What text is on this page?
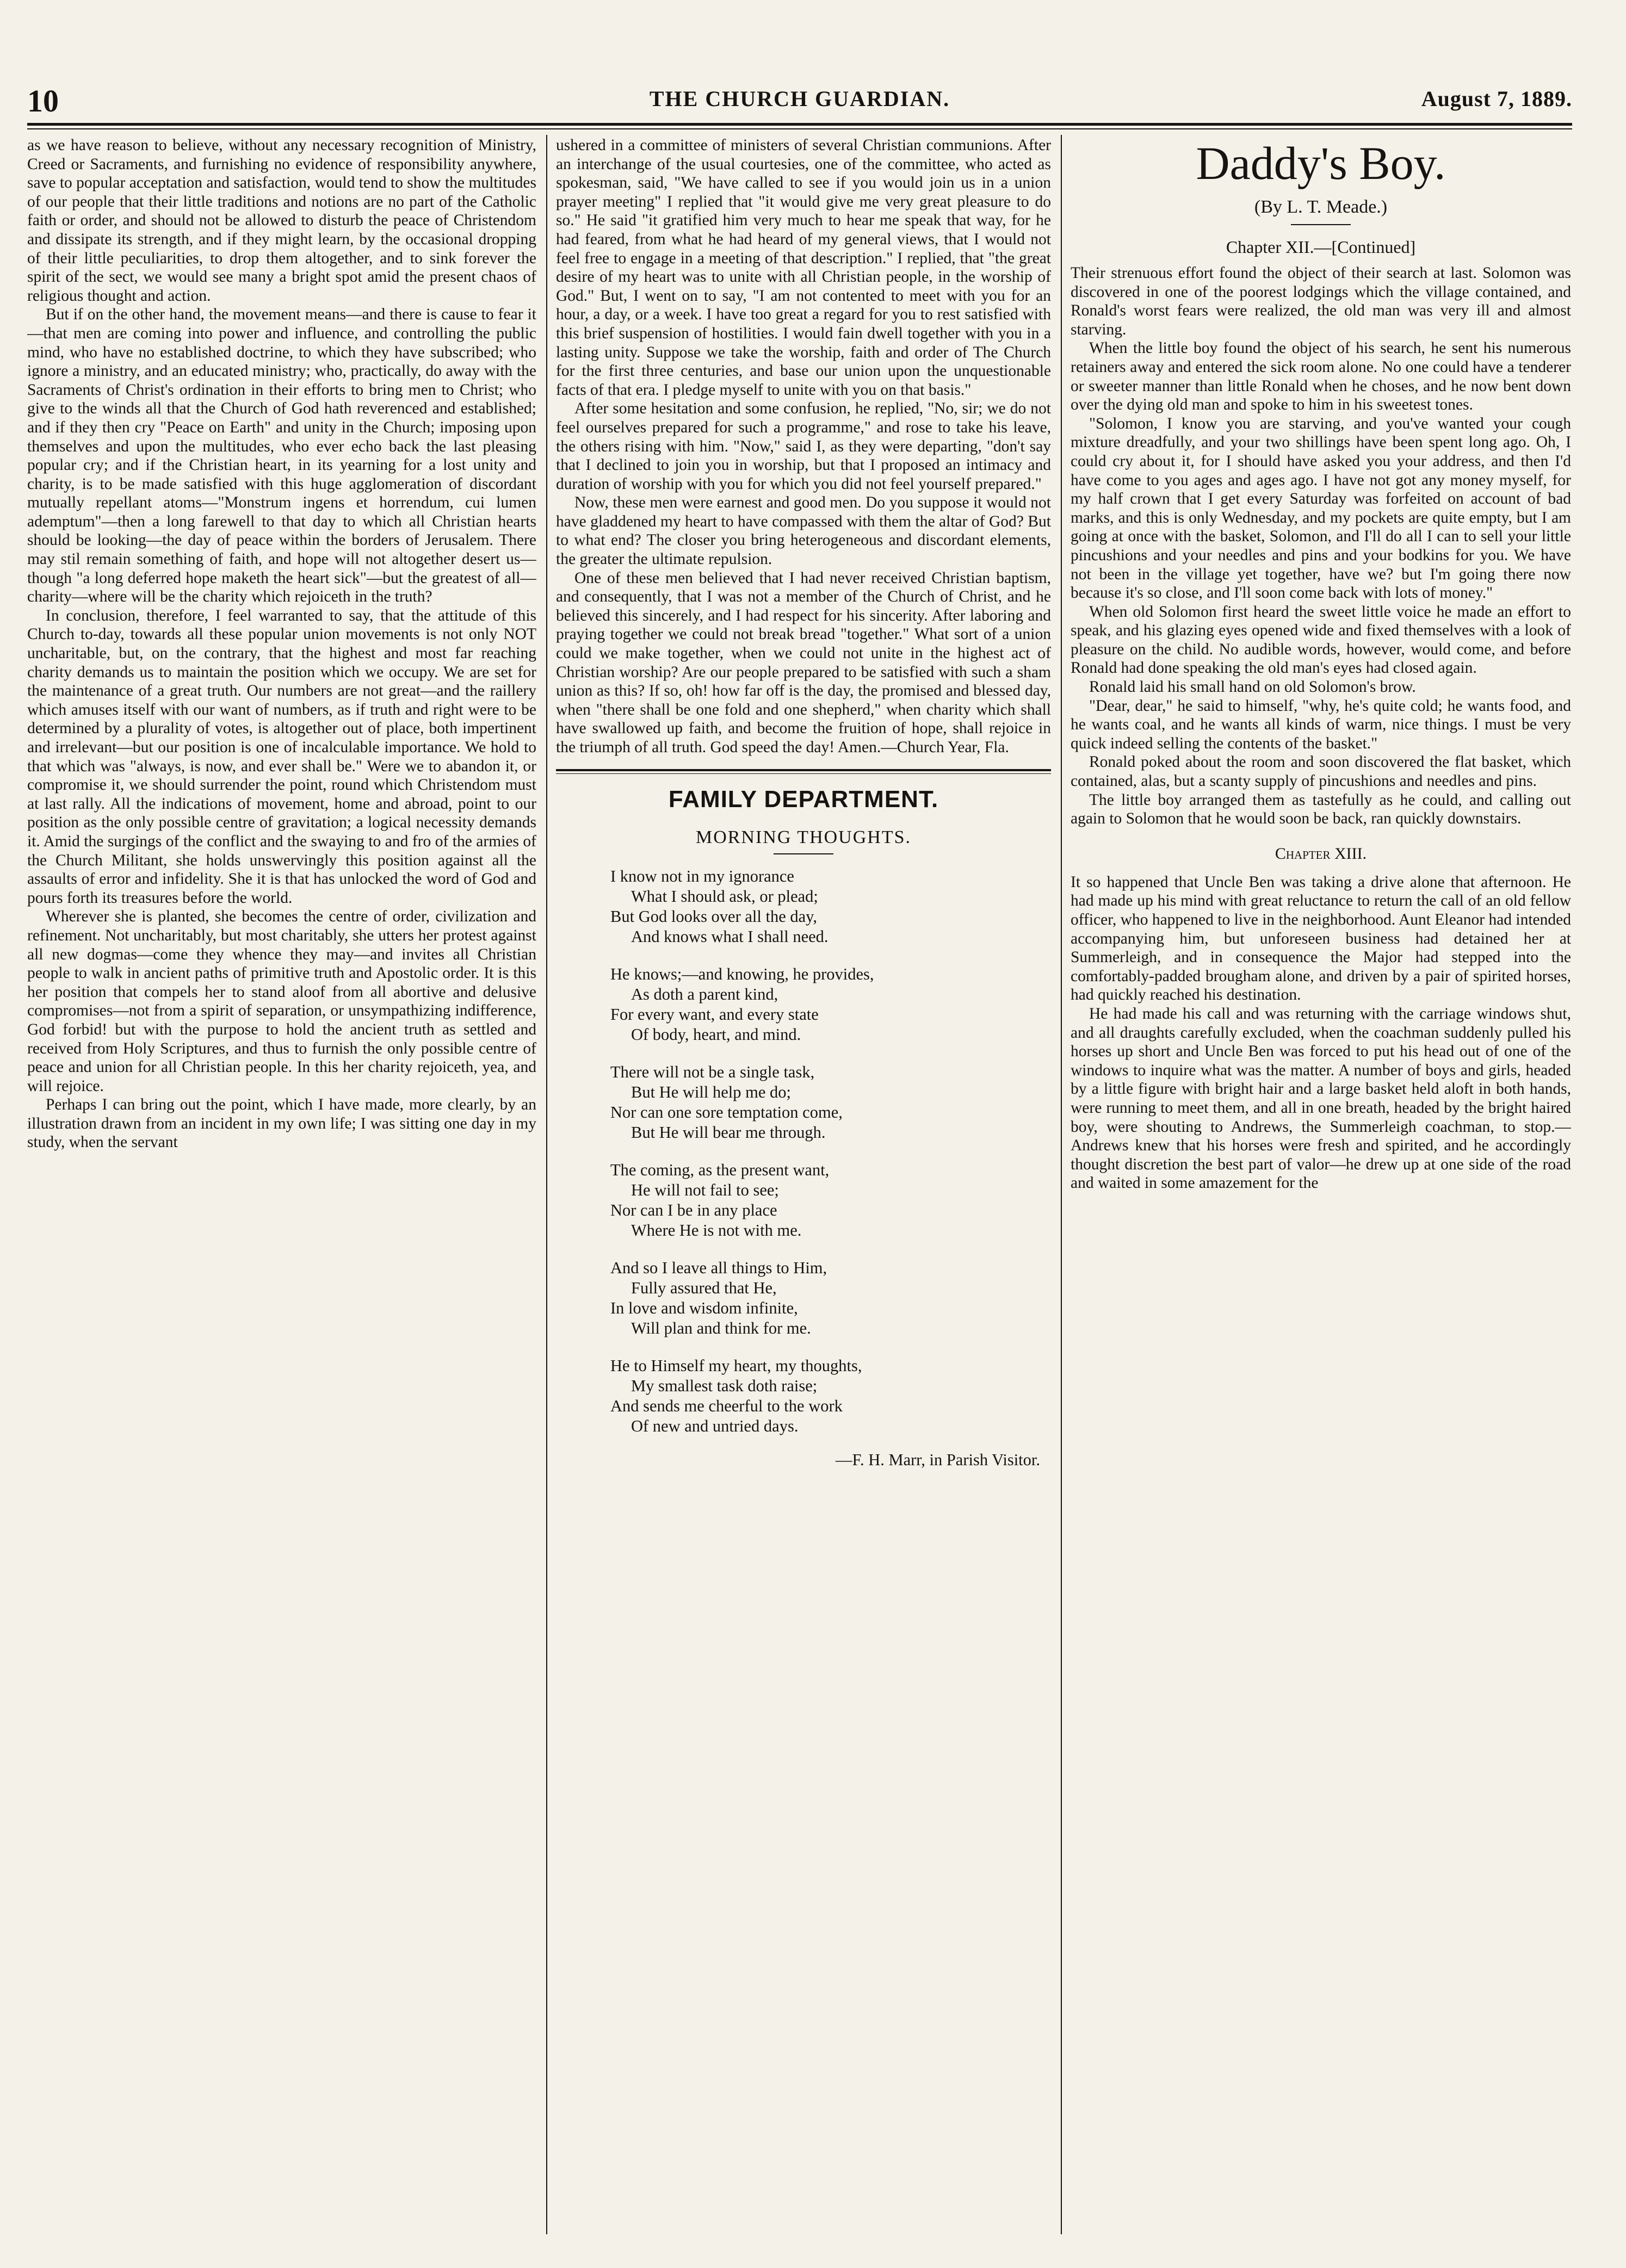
10	THE CHURCH GUARDIAN.	August 7, 1889.

as we have reason to believe, without any necessary recognition of Ministry, Creed or Sacraments, and furnishing no evidence of responsibility anywhere, save to popular acceptation and satisfaction, would tend to show the multitudes of our people that their little traditions and notions are no part of the Catholic faith or order, and should not be allowed to disturb the peace of Christendom and dissipate its strength, and if they might learn, by the occasional dropping of their little peculiarities, to drop them altogether, and to sink forever the spirit of the sect, we would see many a bright spot amid the present chaos of religious thought and action.

But if on the other hand, the movement means—and there is cause to fear it—that men are coming into power and influence, and controlling the public mind, who have no established doctrine, to which they have subscribed; who ignore a ministry, and an educated ministry; who, practically, do away with the Sacraments of Christ's ordination in their efforts to bring men to Christ; who give to the winds all that the Church of God hath reverenced and established; and if they then cry "Peace on Earth" and unity in the Church; imposing upon themselves and upon the multitudes, who ever echo back the last pleasing popular cry; and if the Christian heart, in its yearning for a lost unity and charity, is to be made satisfied with this huge agglomeration of discordant mutually repellant atoms—"Monstrum ingens et horrendum, cui lumen ademptum"—then a long farewell to that day to which all Christian hearts should be looking—the day of peace within the borders of Jerusalem. There may stil remain something of faith, and hope will not altogether desert us—though "a long deferred hope maketh the heart sick"—but the greatest of all—charity—where will be the charity which rejoiceth in the truth?

In conclusion, therefore, I feel warranted to say, that the attitude of this Church to-day, towards all these popular union movements is not only NOT uncharitable, but, on the contrary, that the highest and most far reaching charity demands us to maintain the position which we occupy. We are set for the maintenance of a great truth. Our numbers are not great—and the raillery which amuses itself with our want of numbers, as if truth and right were to be determined by a plurality of votes, is altogether out of place, both impertinent and irrelevant—but our position is one of incalculable importance. We hold to that which was "always, is now, and ever shall be." Were we to abandon it, or compromise it, we should surrender the point, round which Christendom must at last rally. All the indications of movement, home and abroad, point to our position as the only possible centre of gravitation; a logical necessity demands it. Amid the surgings of the conflict and the swaying to and fro of the armies of the Church Militant, she holds unswervingly this position against all the assaults of error and infidelity. She it is that has unlocked the word of God and pours forth its treasures before the world.

Wherever she is planted, she becomes the centre of order, civilization and refinement. Not uncharitably, but most charitably, she utters her protest against all new dogmas—come they whence they may—and invites all Christian people to walk in ancient paths of primitive truth and Apostolic order. It is this her position that compels her to stand aloof from all abortive and delusive compromises—not from a spirit of separation, or unsympathizing indifference, God forbid! but with the purpose to hold the ancient truth as settled and received from Holy Scriptures, and thus to furnish the only possible centre of peace and union for all Christian people. In this her charity rejoiceth, yea, and will rejoice.

Perhaps I can bring out the point, which I have made, more clearly, by an illustration drawn from an incident in my own life; I was sitting one day in my study, when the servant

ushered in a committee of ministers of several Christian communions. After an interchange of the usual courtesies, one of the committee, who acted as spokesman, said, "We have called to see if you would join us in a union prayer meeting" I replied that "it would give me very great pleasure to do so." He said "it gratified him very much to hear me speak that way, for he had feared, from what he had heard of my general views, that I would not feel free to engage in a meeting of that description." I replied, that "the great desire of my heart was to unite with all Christian people, in the worship of God." But, I went on to say, "I am not contented to meet with you for an hour, a day, or a week. I have too great a regard for you to rest satisfied with this brief suspension of hostilities. I would fain dwell together with you in a lasting unity. Suppose we take the worship, faith and order of The Church for the first three centuries, and base our union upon the unquestionable facts of that era. I pledge myself to unite with you on that basis."

After some hesitation and some confusion, he replied, "No, sir; we do not feel ourselves prepared for such a programme," and rose to take his leave, the others rising with him. "Now," said I, as they were departing, "don't say that I declined to join you in worship, but that I proposed an intimacy and duration of worship with you for which you did not feel yourself prepared."

Now, these men were earnest and good men. Do you suppose it would not have gladdened my heart to have compassed with them the altar of God? But to what end? The closer you bring heterogeneous and discordant elements, the greater the ultimate repulsion.

One of these men believed that I had never received Christian baptism, and consequently, that I was not a member of the Church of Christ, and he believed this sincerely, and I had respect for his sincerity. After laboring and praying together we could not break bread "together." What sort of a union could we make together, when we could not unite in the highest act of Christian worship? Are our people prepared to be satisfied with such a sham union as this? If so, oh! how far off is the day, the promised and blessed day, when "there shall be one fold and one shepherd," when charity which shall have swallowed up faith, and become the fruition of hope, shall rejoice in the triumph of all truth. God speed the day! Amen.—Church Year, Fla.

FAMILY DEPARTMENT.
MORNING THOUGHTS.
I know not in my ignorance
What I should ask, or plead;
But God looks over all the day,
And knows what I shall need.
He knows;—and knowing, he provides,
As doth a parent kind,
For every want, and every state
Of body, heart, and mind.
There will not be a single task,
But He will help me do;
Nor can one sore temptation come,
But He will bear me through.
The coming, as the present want,
He will not fail to see;
Nor can I be in any place
Where He is not with me.
And so I leave all things to Him,
Fully assured that He,
In love and wisdom infinite,
Will plan and think for me.
He to Himself my heart, my thoughts,
My smallest task doth raise;
And sends me cheerful to the work
Of new and untried days.
—F. H. Marr, in Parish Visitor.
Daddy's Boy.
(By L. T. Meade.)
Chapter XII.—[Continued]

Their strenuous effort found the object of their search at last. Solomon was discovered in one of the poorest lodgings which the village contained, and Ronald's worst fears were realized, the old man was very ill and almost starving.

When the little boy found the object of his search, he sent his numerous retainers away and entered the sick room alone. No one could have a tenderer or sweeter manner than little Ronald when he choses, and he now bent down over the dying old man and spoke to him in his sweetest tones.

"Solomon, I know you are starving, and you've wanted your cough mixture dreadfully, and your two shillings have been spent long ago. Oh, I could cry about it, for I should have asked you your address, and then I'd have come to you ages and ages ago. I have not got any money myself, for my half crown that I get every Saturday was forfeited on account of bad marks, and this is only Wednesday, and my pockets are quite empty, but I am going at once with the basket, Solomon, and I'll do all I can to sell your little pincushions and your needles and pins and your bodkins for you. We have not been in the village yet together, have we? but I'm going there now because it's so close, and I'll soon come back with lots of money."

When old Solomon first heard the sweet little voice he made an effort to speak, and his glazing eyes opened wide and fixed themselves with a look of pleasure on the child. No audible words, however, would come, and before Ronald had done speaking the old man's eyes had closed again.

Ronald laid his small hand on old Solomon's brow.

"Dear, dear," he said to himself, "why, he's quite cold; he wants food, and he wants coal, and he wants all kinds of warm, nice things. I must be very quick indeed selling the contents of the basket."

Ronald poked about the room and soon discovered the flat basket, which contained, alas, but a scanty supply of pincushions and needles and pins.

The little boy arranged them as tastefully as he could, and calling out again to Solomon that he would soon be back, ran quickly downstairs.

Chapter XIII.

It so happened that Uncle Ben was taking a drive alone that afternoon. He had made up his mind with great reluctance to return the call of an old fellow officer, who happened to live in the neighborhood. Aunt Eleanor had intended accompanying him, but unforeseen business had detained her at Summerleigh, and in consequence the Major had stepped into the comfortably-padded brougham alone, and driven by a pair of spirited horses, had quickly reached his destination.

He had made his call and was returning with the carriage windows shut, and all draughts carefully excluded, when the coachman suddenly pulled his horses up short and Uncle Ben was forced to put his head out of one of the windows to inquire what was the matter. A number of boys and girls, headed by a little figure with bright hair and a large basket held aloft in both hands, were running to meet them, and all in one breath, headed by the bright haired boy, were shouting to Andrews, the Summerleigh coachman, to stop.—Andrews knew that his horses were fresh and spirited, and he accordingly thought discretion the best part of valor—he drew up at one side of the road and waited in some amazement for the
